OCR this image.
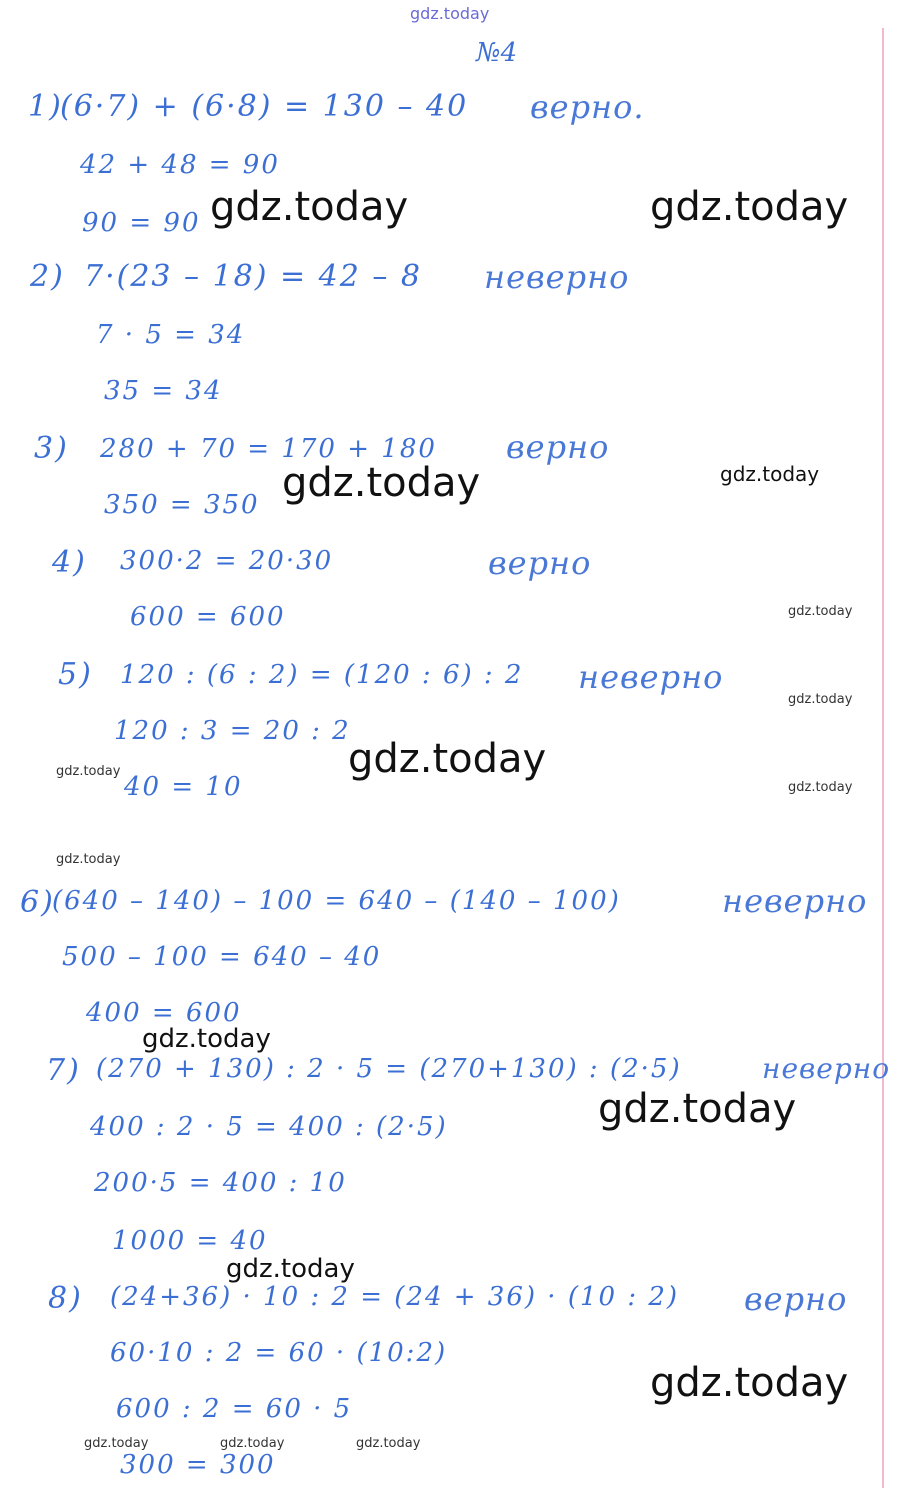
gdz.today
№4
1)
(6·7) + (6·8) = 130 – 40 верно.
42 + 48 = 90
90 = 90
2) 7·(23 – 18) = 42 – 8 неверно
7 · 5 = 34
35 = 34
3) 280 + 70 = 170 + 180 верно
350 = 350
4) 300·2 = 20·30	верно
600 = 600
5) 120 : (6 : 2) = (120 : 6) : 2 неверно
120 : 3 = 20 : 2
40 = 10
6)
(640 – 140) – 100 = 640 – (140 – 100)	неверно
500 – 100 = 640 – 40
400 = 600
7) (270 + 130) : 2 · 5 = (270+130) : (2·5)	неверно
400 : 2 · 5 = 400 : (2·5)
200·5 = 400 : 10
1000 = 40
8) (24+36) · 10 : 2 = (24 + 36) · (10 : 2) верно
60·10 : 2 = 60 · (10:2)
600 : 2 = 60 · 5
300 = 300
gdz.today	gdz.today
gdz.today
gdz.today
gdz.today
gdz.today
gdz.today
gdz.today
gdz.today
gdz.today
gdz.today
gdz.today
gdz.today
gdz.today
gdz.today	gdz.today	gdz.today
